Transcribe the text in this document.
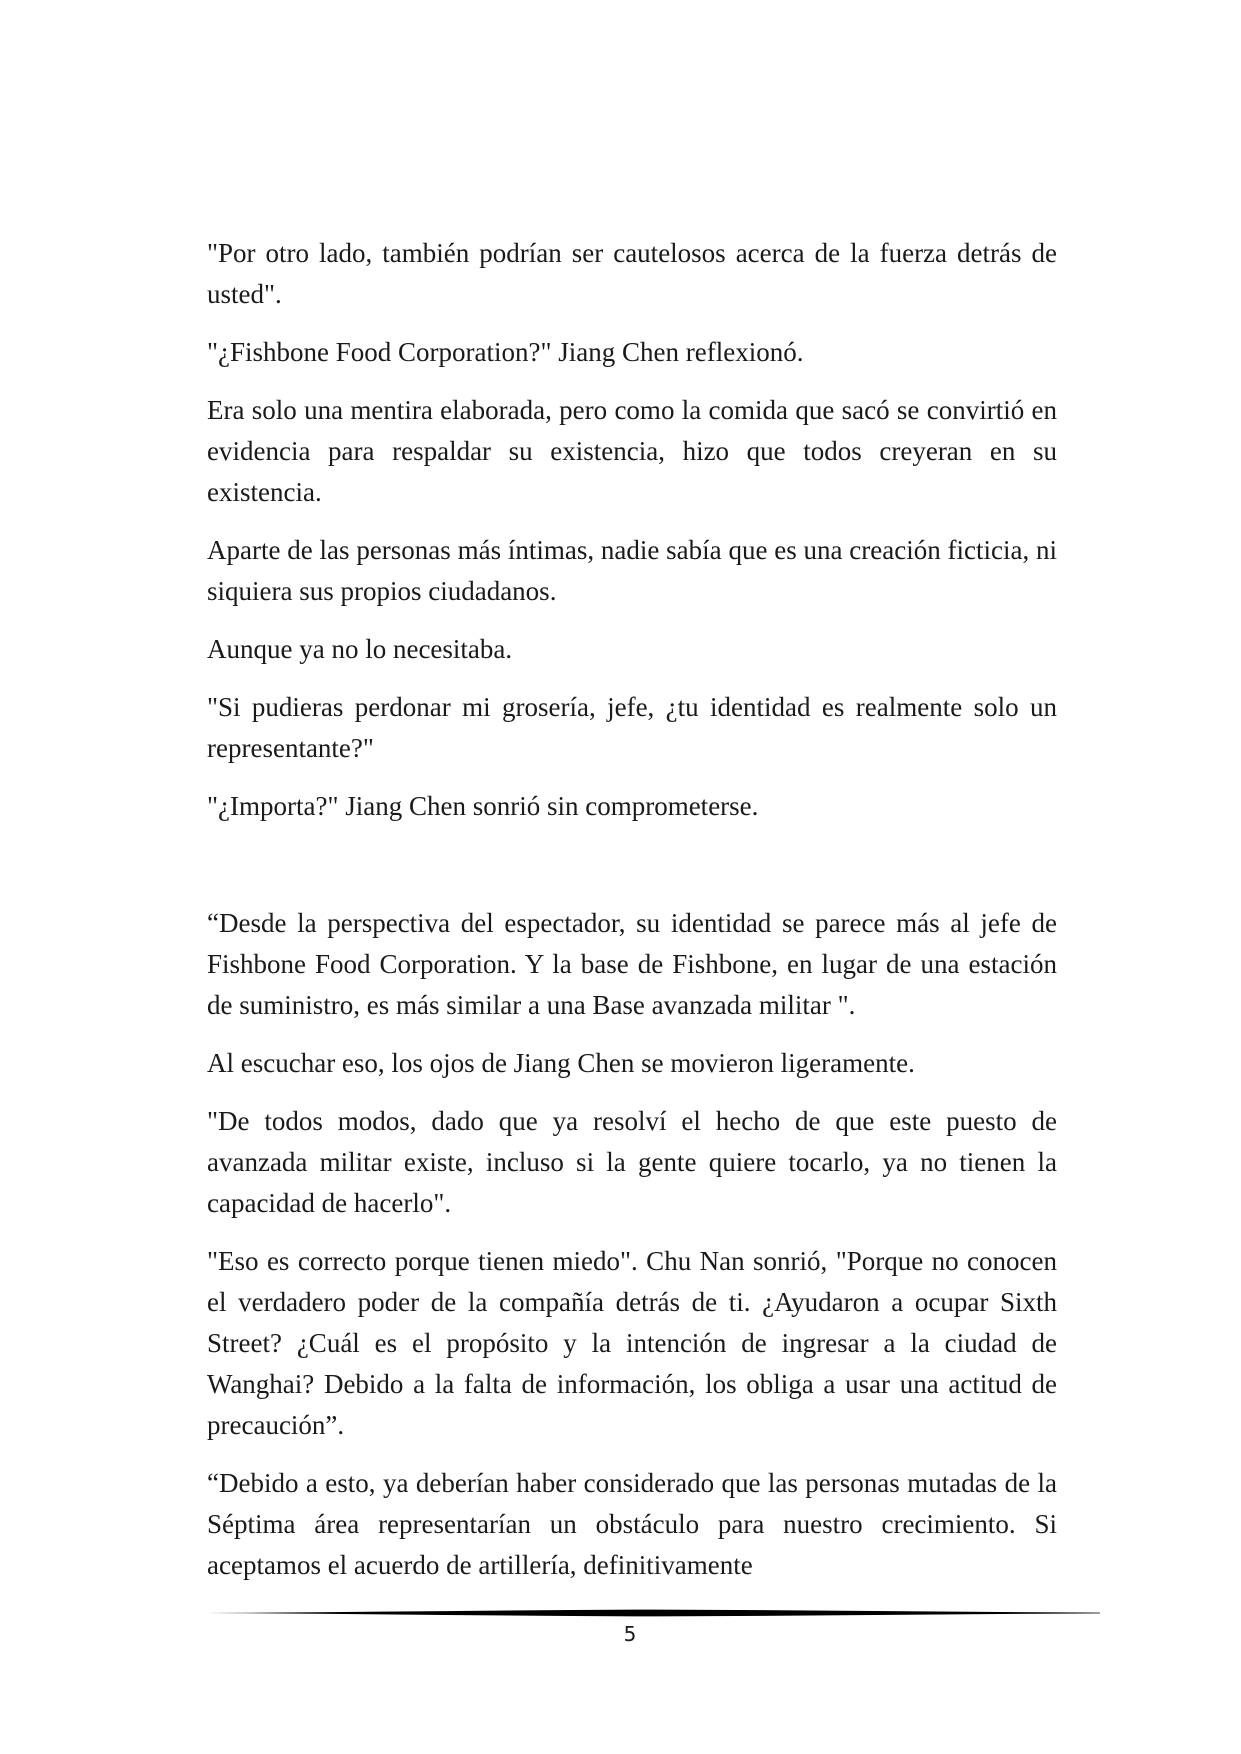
"Por otro lado, también podrían ser cautelosos acerca de la fuerza detrás de usted".

"¿Fishbone Food Corporation?" Jiang Chen reflexionó.

Era solo una mentira elaborada, pero como la comida que sacó se convirtió en evidencia para respaldar su existencia, hizo que todos creyeran en su existencia.

Aparte de las personas más íntimas, nadie sabía que es una creación ficticia, ni siquiera sus propios ciudadanos.

Aunque ya no lo necesitaba.

"Si pudieras perdonar mi grosería, jefe, ¿tu identidad es realmente solo un representante?"

"¿Importa?" Jiang Chen sonrió sin comprometerse.

“Desde la perspectiva del espectador, su identidad se parece más al jefe de Fishbone Food Corporation. Y la base de Fishbone, en lugar de una estación de suministro, es más similar a una Base avanzada militar ".

Al escuchar eso, los ojos de Jiang Chen se movieron ligeramente.

"De todos modos, dado que ya resolví el hecho de que este puesto de avanzada militar existe, incluso si la gente quiere tocarlo, ya no tienen la capacidad de hacerlo".

"Eso es correcto porque tienen miedo". Chu Nan sonrió, "Porque no conocen el verdadero poder de la compañía detrás de ti. ¿Ayudaron a ocupar Sixth Street? ¿Cuál es el propósito y la intención de ingresar a la ciudad de Wanghai? Debido a la falta de información, los obliga a usar una actitud de precaución”.

“Debido a esto, ya deberían haber considerado que las personas mutadas de la Séptima área representarían un obstáculo para nuestro crecimiento. Si aceptamos el acuerdo de artillería, definitivamente

5
